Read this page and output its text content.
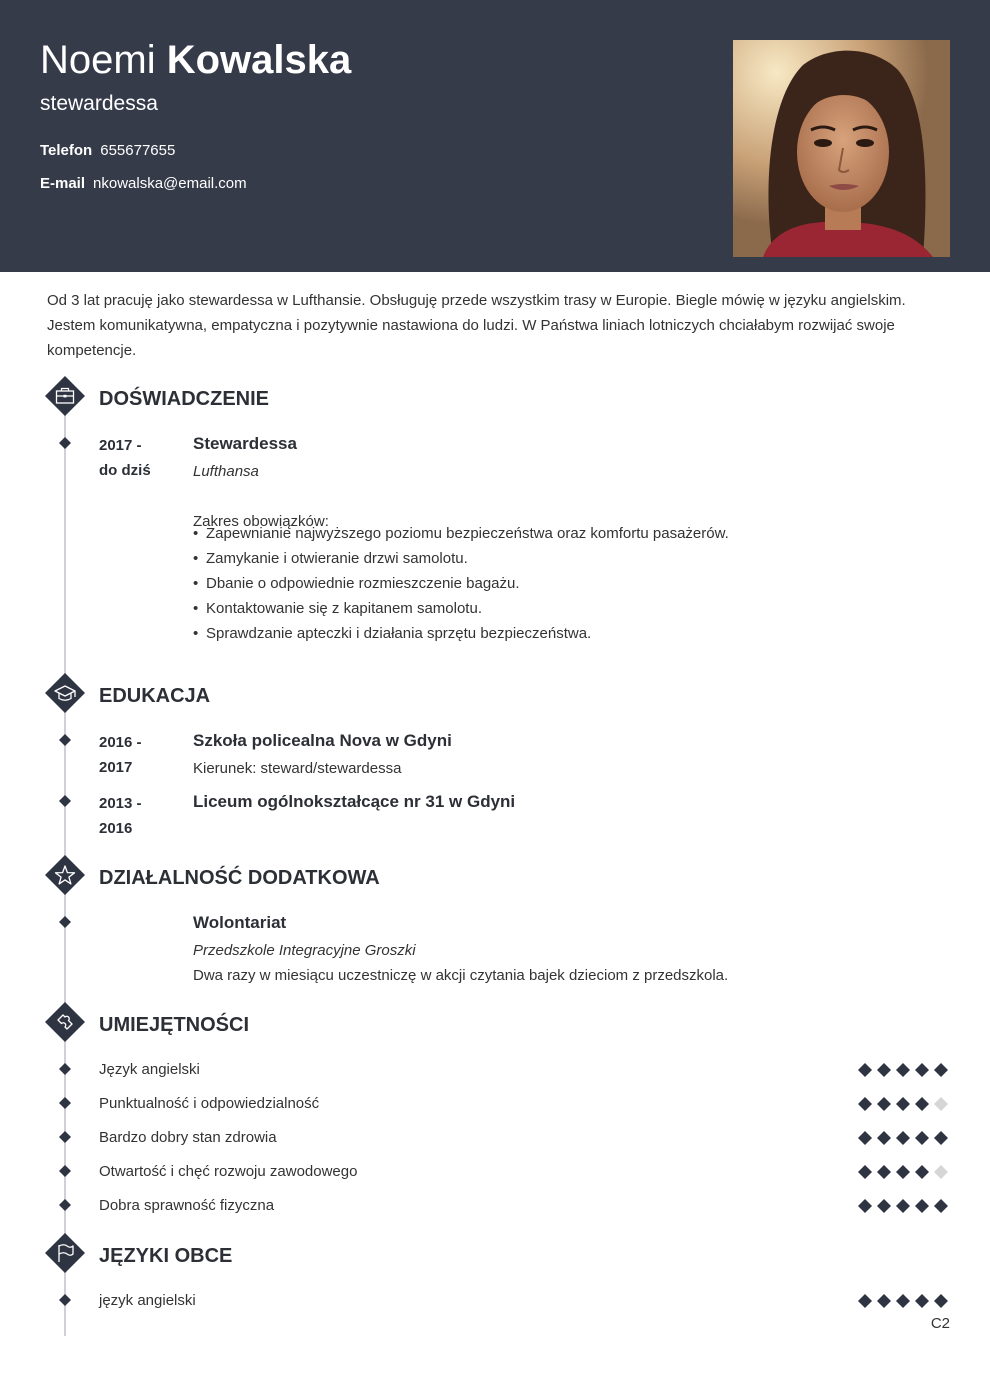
Noemi Kowalska
stewardessa
Telefon 655677655
E-mail nkowalska@email.com
Od 3 lat pracuję jako stewardessa w Lufthansie. Obsługuję przede wszystkim trasy w Europie. Biegle mówię w języku angielskim. Jestem komunikatywna, empatyczna i pozytywnie nastawiona do ludzi. W Państwa liniach lotniczych chciałabym rozwijać swoje kompetencje.
DOŚWIADCZENIE
2017 -
do dziś
Stewardessa
Lufthansa
Zakres obowiązków:
• Zapewnianie najwyższego poziomu bezpieczeństwa oraz komfortu pasażerów.
• Zamykanie i otwieranie drzwi samolotu.
• Dbanie o odpowiednie rozmieszczenie bagażu.
• Kontaktowanie się z kapitanem samolotu.
• Sprawdzanie apteczki i działania sprzętu bezpieczeństwa.
EDUKACJA
2016 -
2017
Szkoła policealna Nova w Gdyni
Kierunek: steward/stewardessa
2013 -
2016
Liceum ogólnokształcące nr 31 w Gdyni
DZIAŁALNOŚĆ DODATKOWA
Wolontariat
Przedszkole Integracyjne Groszki
Dwa razy w miesiącu uczestniczę w akcji czytania bajek dzieciom z przedszkola.
UMIEJĘTNOŚCI
Język angielski
Punktualność i odpowiedzialność
Bardzo dobry stan zdrowia
Otwartość i chęć rozwoju zawodowego
Dobra sprawność fizyczna
JĘZYKI OBCE
język angielski
C2
